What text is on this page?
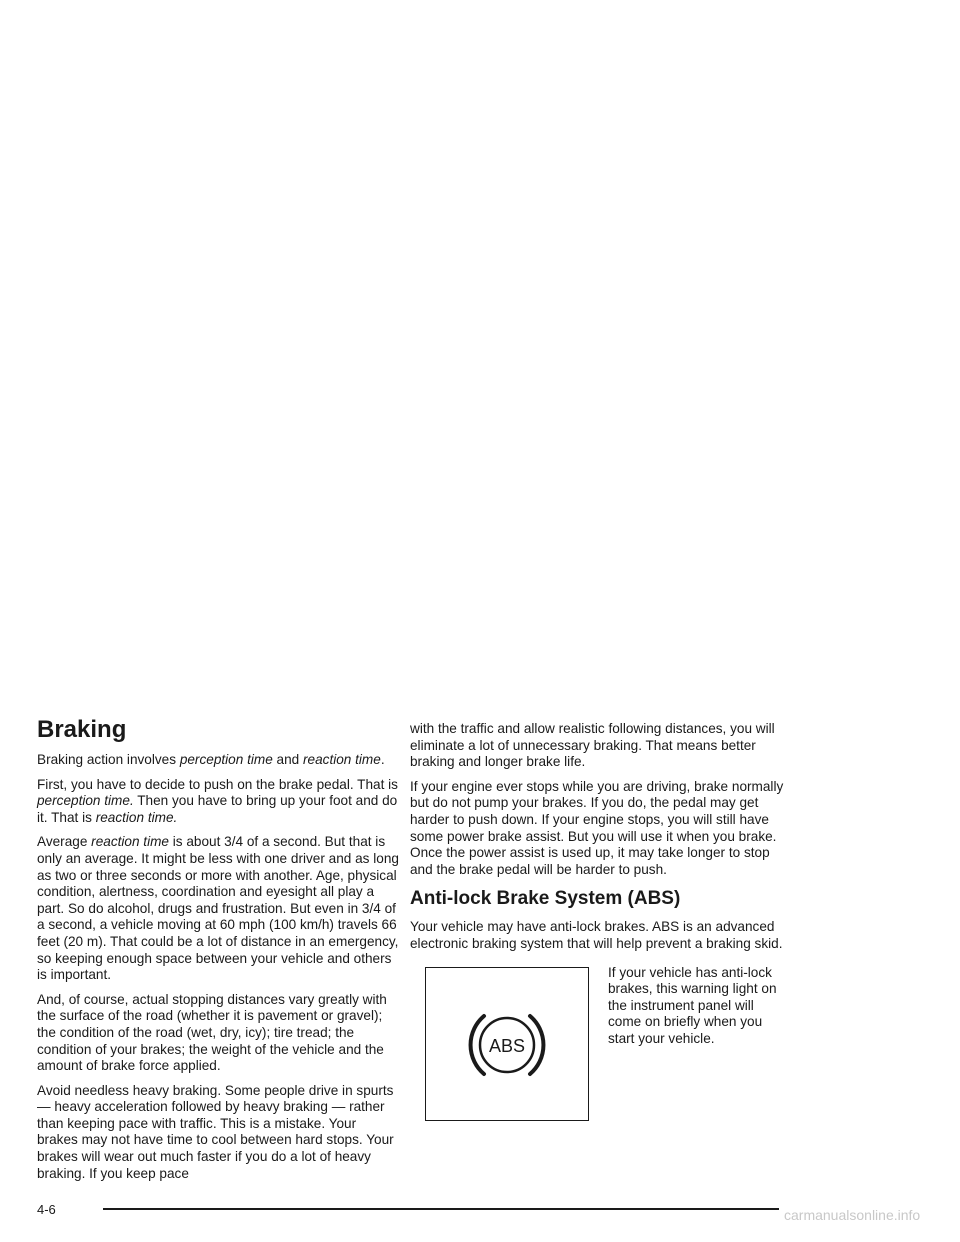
Braking

Braking action involves perception time and reaction time.

First, you have to decide to push on the brake pedal. That is perception time. Then you have to bring up your foot and do it. That is reaction time.

Average reaction time is about 3/4 of a second. But that is only an average. It might be less with one driver and as long as two or three seconds or more with another. Age, physical condition, alertness, coordination and eyesight all play a part. So do alcohol, drugs and frustration. But even in 3/4 of a second, a vehicle moving at 60 mph (100 km/h) travels 66 feet (20 m). That could be a lot of distance in an emergency, so keeping enough space between your vehicle and others is important.

And, of course, actual stopping distances vary greatly with the surface of the road (whether it is pavement or gravel); the condition of the road (wet, dry, icy); tire tread; the condition of your brakes; the weight of the vehicle and the amount of brake force applied.

Avoid needless heavy braking. Some people drive in spurts — heavy acceleration followed by heavy braking — rather than keeping pace with traffic. This is a mistake. Your brakes may not have time to cool between hard stops. Your brakes will wear out much faster if you do a lot of heavy braking. If you keep pace

with the traffic and allow realistic following distances, you will eliminate a lot of unnecessary braking. That means better braking and longer brake life.

If your engine ever stops while you are driving, brake normally but do not pump your brakes. If you do, the pedal may get harder to push down. If your engine stops, you will still have some power brake assist. But you will use it when you brake. Once the power assist is used up, it may take longer to stop and the brake pedal will be harder to push.

Anti-lock Brake System (ABS)

Your vehicle may have anti-lock brakes. ABS is an advanced electronic braking system that will help prevent a braking skid.

ABS

If your vehicle has anti-lock brakes, this warning light on the instrument panel will come on briefly when you start your vehicle.

4-6	carmanualsonline.info
